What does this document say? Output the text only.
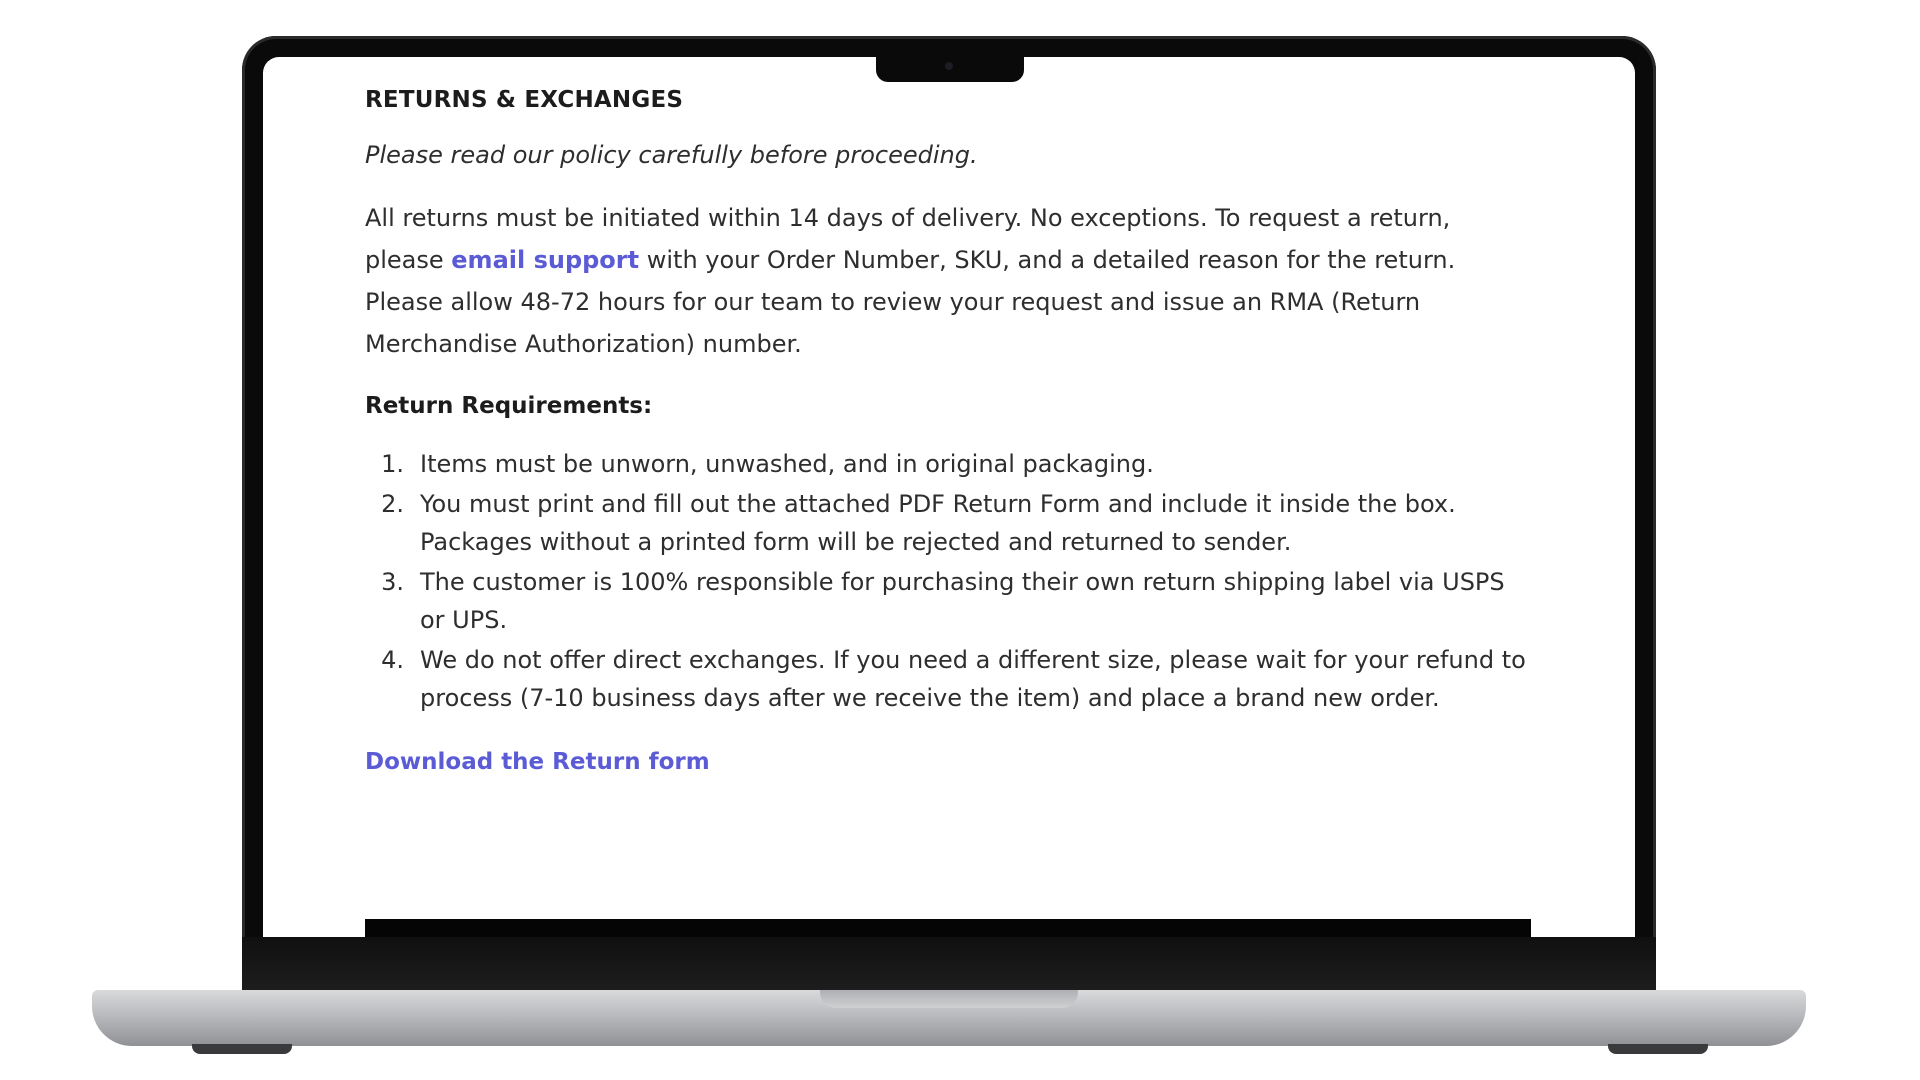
RETURNS & EXCHANGES
Please read our policy carefully before proceeding.

All returns must be initiated within 14 days of delivery. No exceptions. To request a return, please email support with your Order Number, SKU, and a detailed reason for the return. Please allow 48-72 hours for our team to review your request and issue an RMA (Return Merchandise Authorization) number.

Return Requirements:
1. Items must be unworn, unwashed, and in original packaging.
2. You must print and fill out the attached PDF Return Form and include it inside the box. Packages without a printed form will be rejected and returned to sender.
3. The customer is 100% responsible for purchasing their own return shipping label via USPS or UPS.
4. We do not offer direct exchanges. If you need a different size, please wait for your refund to process (7-10 business days after we receive the item) and place a brand new order.
Download the Return form
